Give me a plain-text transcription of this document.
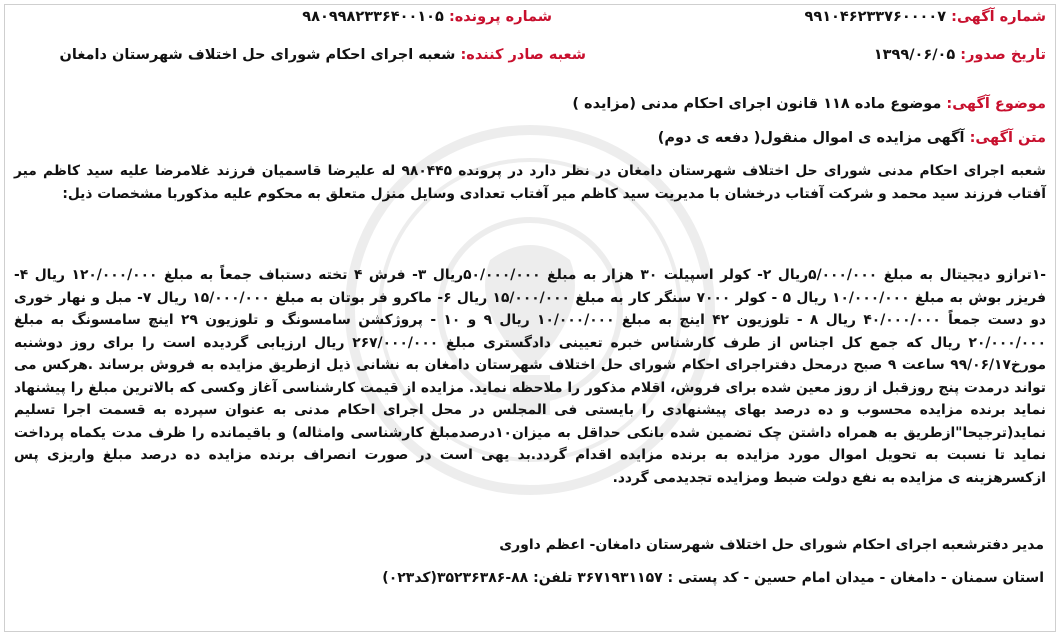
شماره آگهی: ۹۹۱۰۴۶۲۳۳۷۶۰۰۰۰۷
شماره پرونده: ۹۸۰۹۹۸۲۳۳۶۴۰۰۱۰۵
تاریخ صدور: ۱۳۹۹/۰۶/۰۵
شعبه صادر کننده: شعبه اجرای احکام شورای حل اختلاف شهرستان دامغان
موضوع آگهی: موضوع ماده ۱۱۸ قانون اجرای احکام مدنی (مزایده )
متن آگهی: آگهی مزایده ی اموال منقول( دفعه ی دوم)
شعبه اجرای احکام مدنی شورای حل اختلاف شهرستان دامغان در نظر دارد در پرونده ۹۸۰۴۴۵ له علیرضا قاسمیان فرزند غلامرضا علیه سید کاظم میر آفتاب فرزند سید محمد و شرکت آفتاب درخشان با مدیریت سید کاظم میر آفتاب تعدادی وسایل منزل متعلق به محکوم علیه مذکوربا مشخصات ذیل:
-۱ترازو دیجیتال به مبلغ ۵/۰۰۰/۰۰۰ریال ۲- کولر اسپیلت ۳۰ هزار به مبلغ ۵۰/۰۰۰/۰۰۰ریال ۳- فرش ۴ تخته دستباف جمعاً به مبلغ ۱۲۰/۰۰۰/۰۰۰ ریال ۴- فریزر بوش به مبلغ ۱۰/۰۰۰/۰۰۰ ریال ۵ - کولر ۷۰۰۰ سنگر کار به مبلغ ۱۵/۰۰۰/۰۰۰ ریال ۶- ماکرو فر بوتان به مبلغ ۱۵/۰۰۰/۰۰۰ ریال ۷- مبل و نهار خوری دو دست جمعاً ۴۰/۰۰۰/۰۰۰ ریال ۸ - تلوزیون ۴۲ اینچ به مبلغ ۱۰/۰۰۰/۰۰۰ ریال ۹ و ۱۰ - پروژکشن سامسونگ و تلوزیون ۲۹ اینچ سامسونگ به مبلغ ۲۰/۰۰۰/۰۰۰ ریال که جمع کل اجناس از طرف کارشناس خبره تعیینی دادگستری مبلغ ۲۶۷/۰۰۰/۰۰۰ ریال ارزیابی گردیده است را برای روز دوشنبه مورخ۹۹/۰۶/۱۷ ساعت ۹ صبح درمحل دفتراجرای احکام شورای حل اختلاف شهرستان دامغان به نشانی ذیل ازطریق مزایده به فروش برساند .هرکس می تواند درمدت پنج روزقبل از روز معین شده برای فروش، اقلام مذکور را ملاحظه نماید. مزایده از قیمت کارشناسی آغاز وکسی که بالاترین مبلغ را پیشنهاد نماید برنده مزایده محسوب و ده درصد بهای پیشنهادی را بایستی فی المجلس در محل اجرای احکام مدنی به عنوان سپرده به قسمت اجرا تسلیم نماید(ترجیحا"ازطریق به همراه داشتن چک تضمین شده بانکی حداقل به میزان۱۰درصدمبلغ کارشناسی وامثاله) و باقیمانده را ظرف مدت یکماه پرداخت نماید تا نسبت به تحویل اموال مورد مزایده به برنده مزایده اقدام گردد.بد یهی است در صورت انصراف برنده مزایده ده درصد مبلغ واریزی پس ازکسرهزینه ی مزایده به نفع دولت ضبط ومزایده تجدیدمی گردد.
مدیر دفترشعبه اجرای احکام شورای حل اختلاف شهرستان دامغان- اعظم داوری
استان سمنان - دامغان - میدان امام حسین - کد پستی : ۳۶۷۱۹۳۱۱۵۷ تلفن: ۸۸-۳۵۲۳۶۳۸۶(کد۰۲۳)
